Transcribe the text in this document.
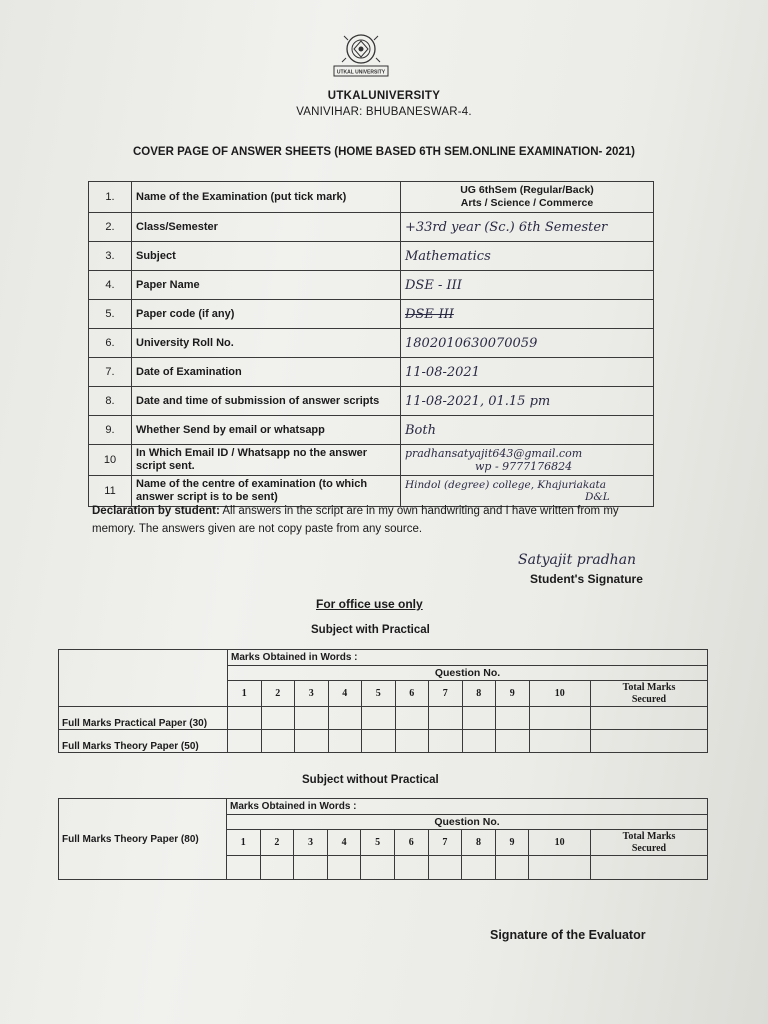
UTKAL UNIVERSITY
UTKALUNIVERSITY
VANIVIHAR: BHUBANESWAR-4.
COVER PAGE OF ANSWER SHEETS (HOME BASED 6TH SEM.ONLINE EXAMINATION- 2021)
1.	Name of the Examination (put tick mark)	UG 6thSem (Regular/Back)
Arts / Science / Commerce

2.	Class/Semester	+33rd year (Sc.) 6th Semester
3.	Subject	Mathematics
4.	Paper Name	DSE - III
5.	Paper code (if any)	DSE-III
6.	University Roll No.	1802010630070059
7.	Date of Examination	11-08-2021
8.	Date and time of submission of answer scripts	11-08-2021, 01.15 pm
9.	Whether Send by email or whatsapp	Both
10	In Which Email ID / Whatsapp no the answer script sent.	pradhansatyajit643@gmail.com
wp - 9777176824

11	Name of the centre of examination (to which answer script is to be sent)	Hindol (degree) college, Khajuriakata
D&L
Declaration by student: All answers in the script are in my own handwriting and I have written from my memory. The answers given are not copy paste from any source.
Satyajit pradhan
Student's Signature
For office use only
Subject with Practical
	Marks Obtained in Words :										
	Question No.										
	1	2	3	4	5	6	7	8	9	10	Total Marks
Secured

Full Marks Practical Paper (30)											
Full Marks Theory Paper (50)											
Subject without Practical
Full Marks Theory Paper (80)	Marks Obtained in Words :										
	Question No.										
	1	2	3	4	5	6	7	8	9	10	Total Marks
Secured

Signature of the Evaluator
